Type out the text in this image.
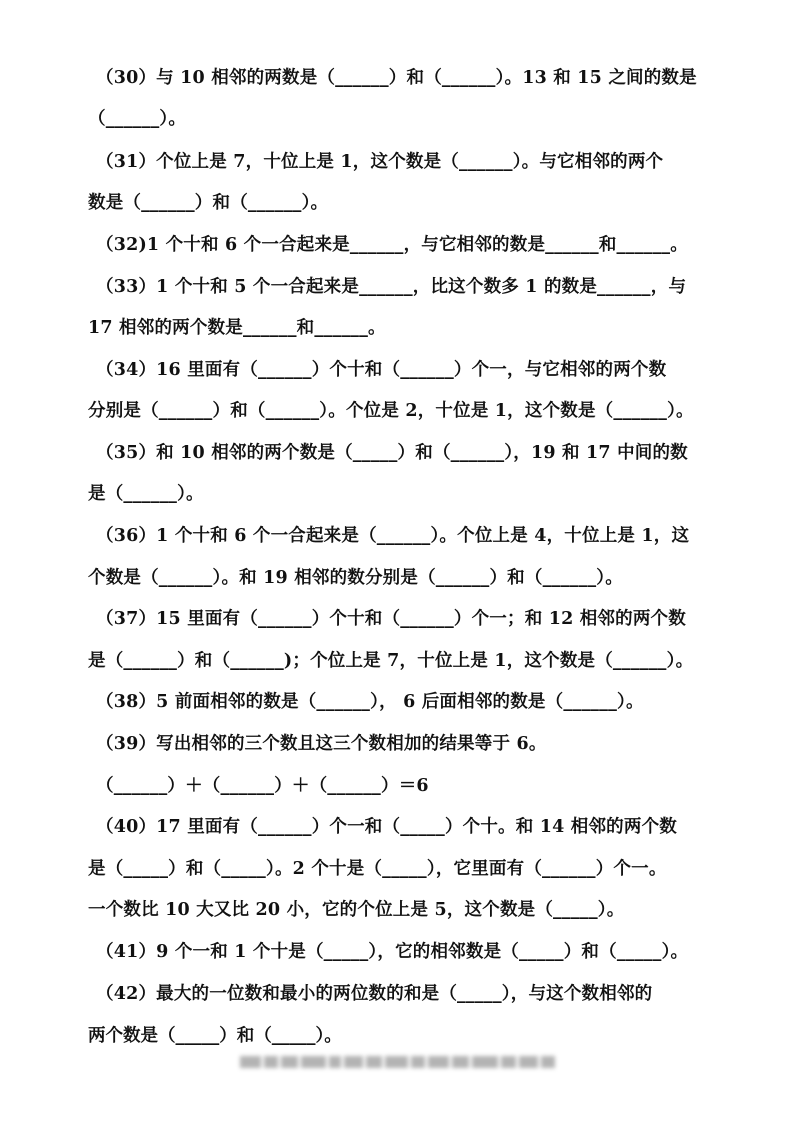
（30）与 10 相邻的两数是（______）和（______）。13 和 15 之间的数是
（______）。
（31）个位上是 7，十位上是 1，这个数是（______）。与它相邻的两个
数是（______）和（______）。
（32)1 个十和 6 个一合起来是______，与它相邻的数是______和______。
（33）1 个十和 5 个一合起来是______，比这个数多 1 的数是______，与
17 相邻的两个数是______和______。
（34）16 里面有（______）个十和（______）个一，与它相邻的两个数
分别是（______）和（______）。个位是 2，十位是 1，这个数是（______）。
（35）和 10 相邻的两个数是（_____）和（______），19 和 17 中间的数
是（______）。
（36）1 个十和 6 个一合起来是（______）。个位上是 4，十位上是 1，这
个数是（______）。和 19 相邻的数分别是（______）和（______）。
（37）15 里面有（______）个十和（______）个一；和 12 相邻的两个数
是（______）和（______)；个位上是 7，十位上是 1，这个数是（______）。
（38）5 前面相邻的数是（______）， 6 后面相邻的数是（______）。
（39）写出相邻的三个数且这三个数相加的结果等于 6。
（______）＋（______）＋（______）＝6
（40）17 里面有（______）个一和（_____）个十。和 14 相邻的两个数
是（_____）和（_____）。2 个十是（_____），它里面有（______）个一。
一个数比 10 大又比 20 小，它的个位上是 5，这个数是（_____）。
（41）9 个一和 1 个十是（_____），它的相邻数是（_____）和（_____）。
（42）最大的一位数和最小的两位数的和是（_____），与这个数相邻的
两个数是（_____）和（_____）。
